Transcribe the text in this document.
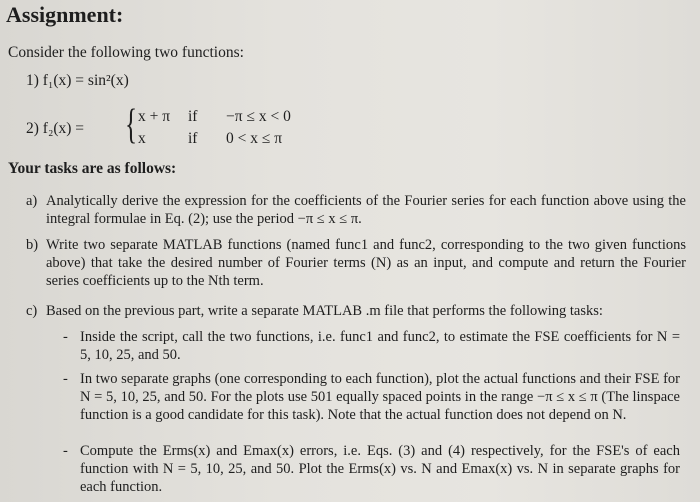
Assignment:
Consider the following two functions:
1) f₁(x) = sin²(x)
2) f₂(x) = { x + π if −π ≤ x < 0
x	if 0 < x ≤ π
Your tasks are as follows:
a) Analytically derive the expression for the coefficients of the Fourier series for each function above using the integral formulae in Eq. (2); use the period −π ≤ x ≤ π.
b) Write two separate MATLAB functions (named func1 and func2, corresponding to the two given functions above) that take the desired number of Fourier terms (N) as an input, and compute and return the Fourier series coefficients up to the Nth term.
c) Based on the previous part, write a separate MATLAB .m file that performs the following tasks:
- Inside the script, call the two functions, i.e. func1 and func2, to estimate the FSE coefficients for N = 5, 10, 25, and 50.
- In two separate graphs (one corresponding to each function), plot the actual functions and their FSE for N = 5, 10, 25, and 50. For the plots use 501 equally spaced points in the range −π ≤ x ≤ π (The linspace function is a good candidate for this task). Note that the actual function does not depend on N.
- Compute the Erms(x) and Emax(x) errors, i.e. Eqs. (3) and (4) respectively, for the FSE's of each function with N = 5, 10, 25, and 50. Plot the Erms(x) vs. N and Emax(x) vs. N in separate graphs for each function.
